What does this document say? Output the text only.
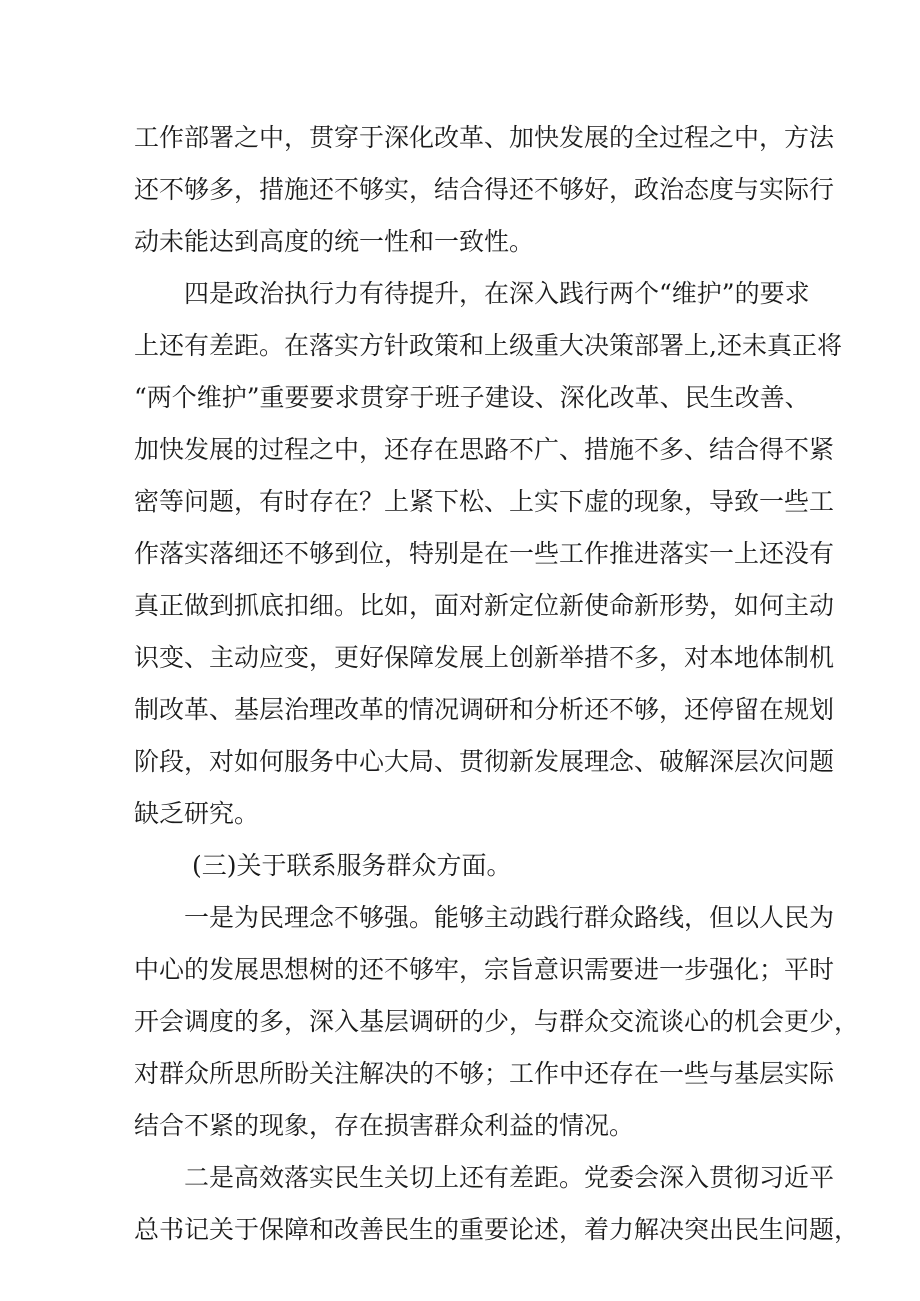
工作部署之中，贯穿于深化改革、加快发展的全过程之中，方法
还不够多，措施还不够实，结合得还不够好，政治态度与实际行
动未能达到高度的统一性和一致性。
四是政治执行力有待提升，在深入践行两个“维护”的要求
上还有差距。在落实方针政策和上级重大决策部署上,还未真正将
“两个维护”重要要求贯穿于班子建设、深化改革、民生改善、
加快发展的过程之中，还存在思路不广、措施不多、结合得不紧
密等问题，有时存在？上紧下松、上实下虚的现象，导致一些工
作落实落细还不够到位，特别是在一些工作推进落实一上还没有
真正做到抓底扣细。比如，面对新定位新使命新形势，如何主动
识变、主动应变，更好保障发展上创新举措不多，对本地体制机
制改革、基层治理改革的情况调研和分析还不够，还停留在规划
阶段，对如何服务中心大局、贯彻新发展理念、破解深层次问题
缺乏研究。
(三)关于联系服务群众方面。
一是为民理念不够强。能够主动践行群众路线，但以人民为
中心的发展思想树的还不够牢，宗旨意识需要进一步强化；平时
开会调度的多，深入基层调研的少，与群众交流谈心的机会更少，
对群众所思所盼关注解决的不够；工作中还存在一些与基层实际
结合不紧的现象，存在损害群众利益的情况。
二是高效落实民生关切上还有差距。党委会深入贯彻习近平
总书记关于保障和改善民生的重要论述，着力解决突出民生问题，
